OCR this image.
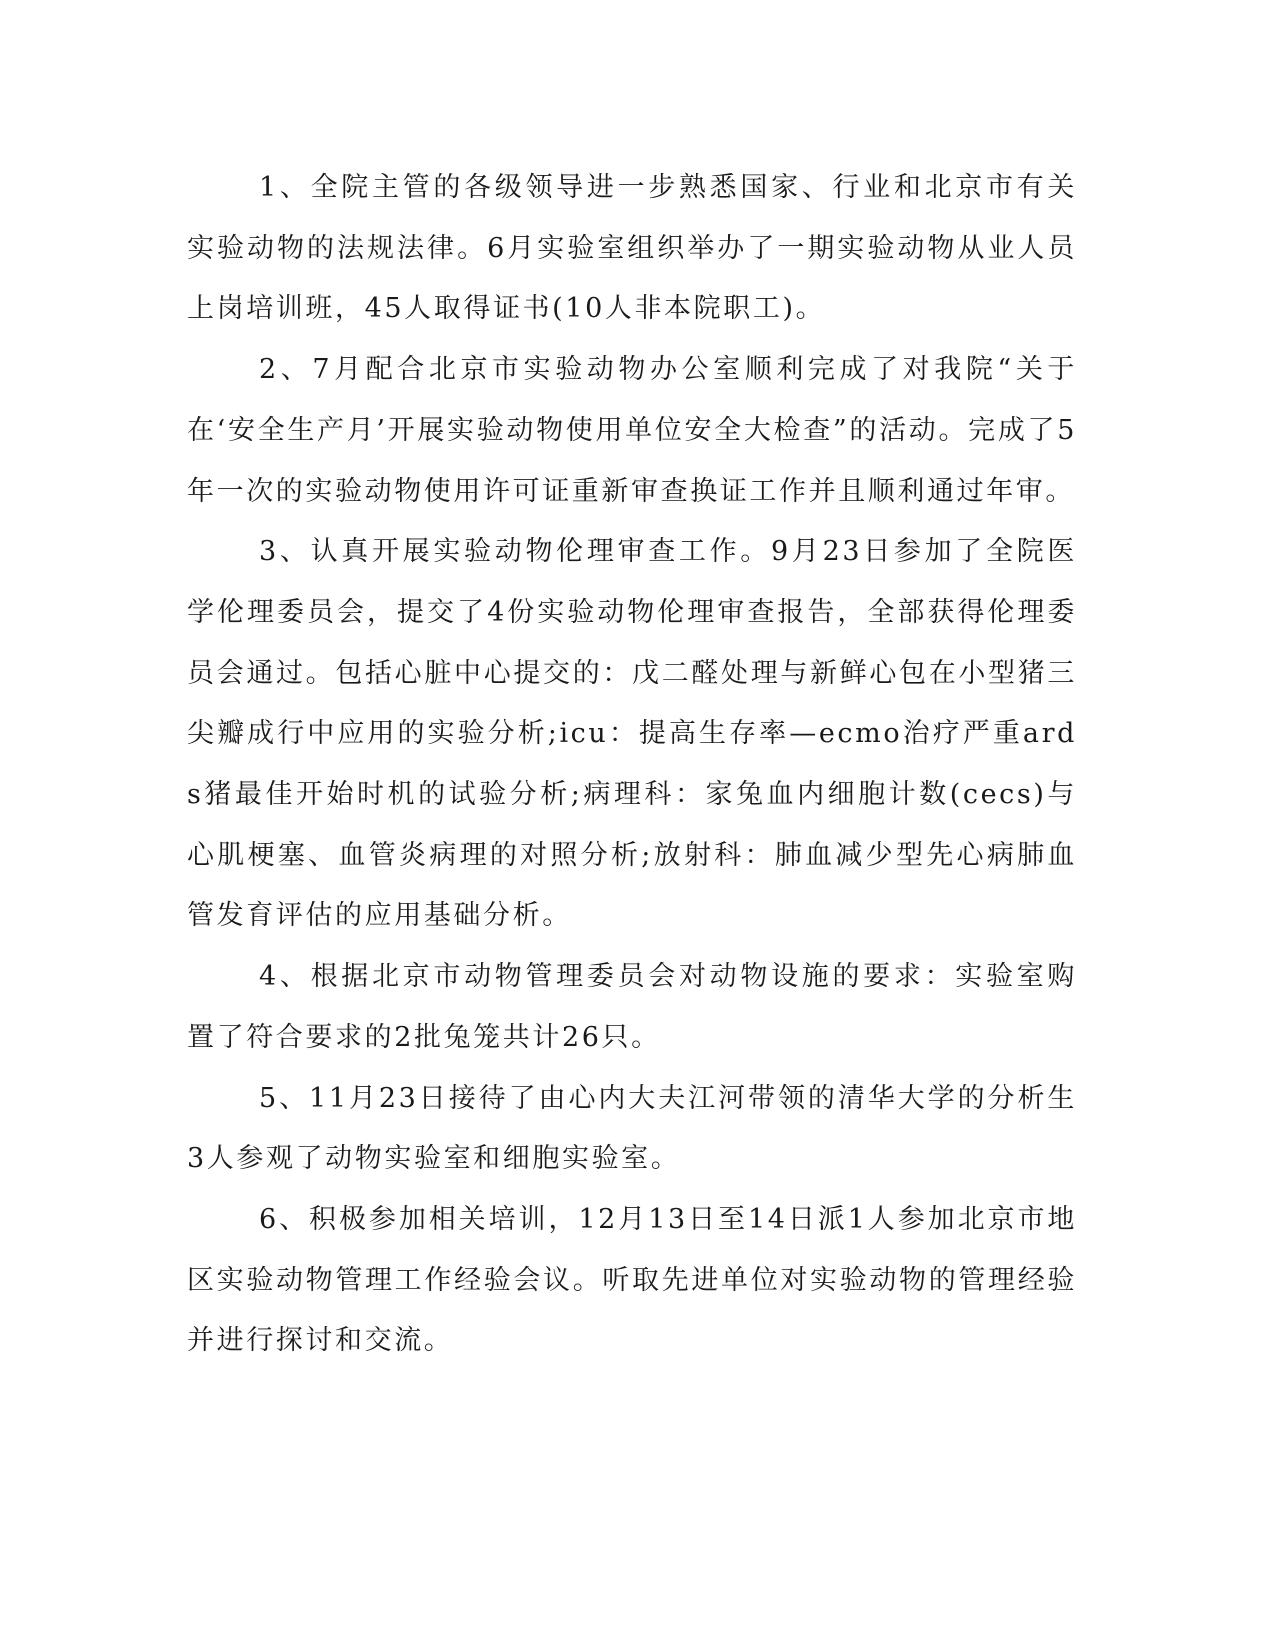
1、全院主管的各级领导进一步熟悉国家、行业和北京市有关实验动物的法规法律。6月实验室组织举办了一期实验动物从业人员上岗培训班，45人取得证书(10人非本院职工)。

2、7月配合北京市实验动物办公室顺利完成了对我院“关于在‘安全生产月’开展实验动物使用单位安全大检查”的活动。完成了5年一次的实验动物使用许可证重新审查换证工作并且顺利通过年审。

3、认真开展实验动物伦理审查工作。9月23日参加了全院医学伦理委员会，提交了4份实验动物伦理审查报告，全部获得伦理委员会通过。包括心脏中心提交的：戊二醛处理与新鲜心包在小型猪三尖瓣成行中应用的实验分析;icu：提高生存率—ecmo治疗严重ards猪最佳开始时机的试验分析;病理科：家兔血内细胞计数(cecs)与心肌梗塞、血管炎病理的对照分析;放射科：肺血减少型先心病肺血管发育评估的应用基础分析。

4、根据北京市动物管理委员会对动物设施的要求：实验室购置了符合要求的2批兔笼共计26只。

5、11月23日接待了由心内大夫江河带领的清华大学的分析生3人参观了动物实验室和细胞实验室。

6、积极参加相关培训，12月13日至14日派1人参加北京市地区实验动物管理工作经验会议。听取先进单位对实验动物的管理经验并进行探讨和交流。
